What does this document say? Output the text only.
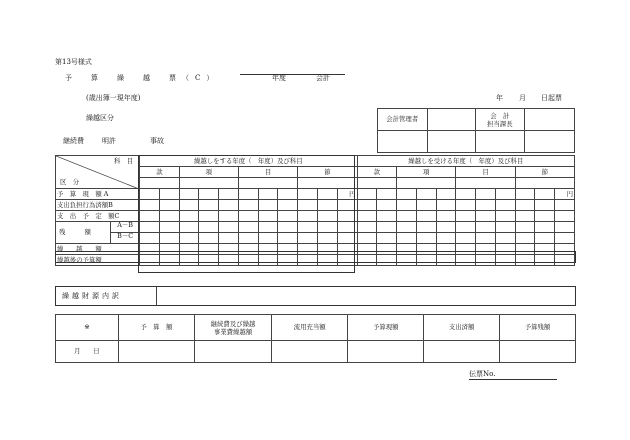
第13号様式
予　算　繰　越　票（C）	年度	会計
(歳出簿一現年度)	年 月 日起票
繰越区分
継続費	明許	事故
会計管理者		会　計
担当課長	

科　目
区　分	繰越しをする年度（　年度）及び科目											繰越しを受ける年度（　年度）及び科目										
	款		項			目			節			款		項			目			節		

予　算　現　額 A											円											円
支出負担行為済額B																						
支　出　予　定　額C																						

残　　　額
A－B
B－C																						

繰　　越　　額																						
繰越後の予算額																						
繰越財源内訳
※	予　算　額	継続費及び繰越
事業費繰越額	流用充当額	予算現額	支出済額	予算残額
月　　日						
伝票No.
